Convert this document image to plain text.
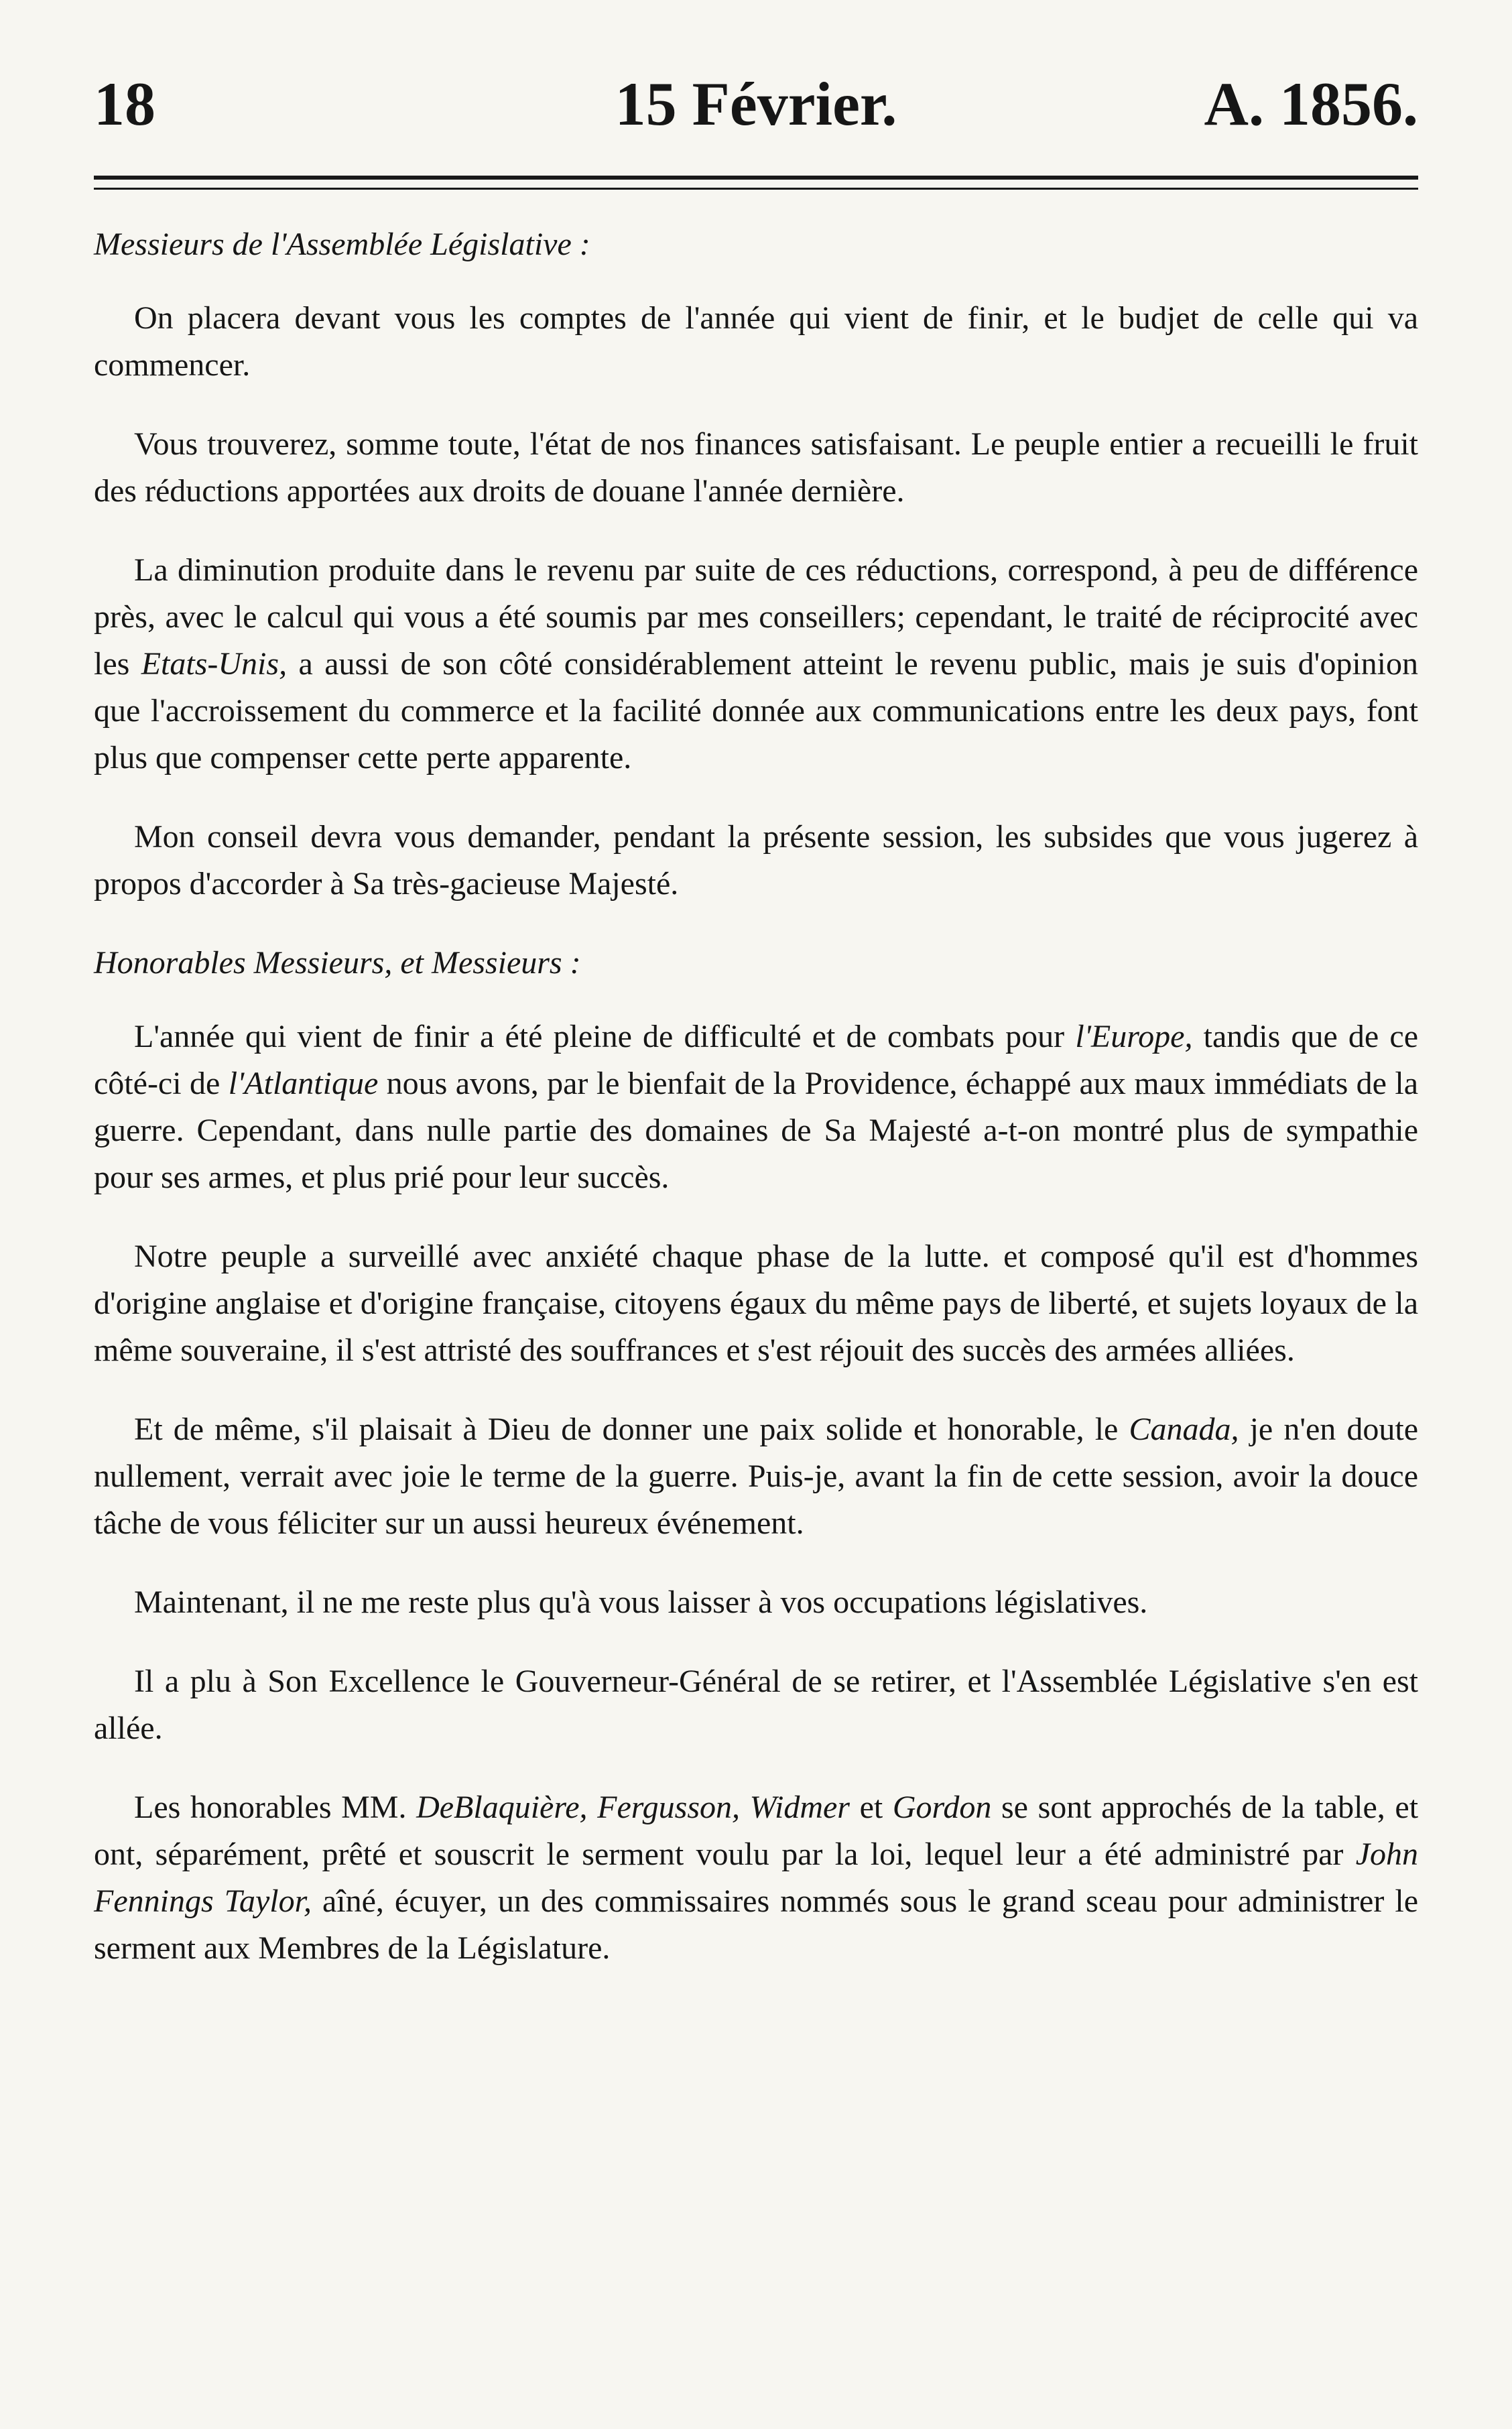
18	15 Février.	A. 1856.

Messieurs de l'Assemblée Législative :

On placera devant vous les comptes de l'année qui vient de finir, et le budjet de celle qui va commencer.

Vous trouverez, somme toute, l'état de nos finances satisfaisant. Le peuple entier a recueilli le fruit des réductions apportées aux droits de douane l'année dernière.

La diminution produite dans le revenu par suite de ces réductions, correspond, à peu de différence près, avec le calcul qui vous a été soumis par mes conseillers; cependant, le traité de réciprocité avec les Etats-Unis, a aussi de son côté considérablement atteint le revenu public, mais je suis d'opinion que l'accroissement du commerce et la facilité donnée aux communications entre les deux pays, font plus que compenser cette perte apparente.

Mon conseil devra vous demander, pendant la présente session, les subsides que vous jugerez à propos d'accorder à Sa très-gacieuse Majesté.

Honorables Messieurs, et Messieurs :

L'année qui vient de finir a été pleine de difficulté et de combats pour l'Europe, tandis que de ce côté-ci de l'Atlantique nous avons, par le bienfait de la Providence, échappé aux maux immédiats de la guerre. Cependant, dans nulle partie des domaines de Sa Majesté a-t-on montré plus de sympathie pour ses armes, et plus prié pour leur succès.

Notre peuple a surveillé avec anxiété chaque phase de la lutte. et composé qu'il est d'hommes d'origine anglaise et d'origine française, citoyens égaux du même pays de liberté, et sujets loyaux de la même souveraine, il s'est attristé des souffrances et s'est réjouit des succès des armées alliées.

Et de même, s'il plaisait à Dieu de donner une paix solide et honorable, le Canada, je n'en doute nullement, verrait avec joie le terme de la guerre. Puis-je, avant la fin de cette session, avoir la douce tâche de vous féliciter sur un aussi heureux événement.

Maintenant, il ne me reste plus qu'à vous laisser à vos occupations législatives.

Il a plu à Son Excellence le Gouverneur-Général de se retirer, et l'Assemblée Législative s'en est allée.

Les honorables MM. DeBlaquière, Fergusson, Widmer et Gordon se sont approchés de la table, et ont, séparément, prêté et souscrit le serment voulu par la loi, lequel leur a été administré par John Fennings Taylor, aîné, écuyer, un des commissaires nommés sous le grand sceau pour administrer le serment aux Membres de la Législature.
